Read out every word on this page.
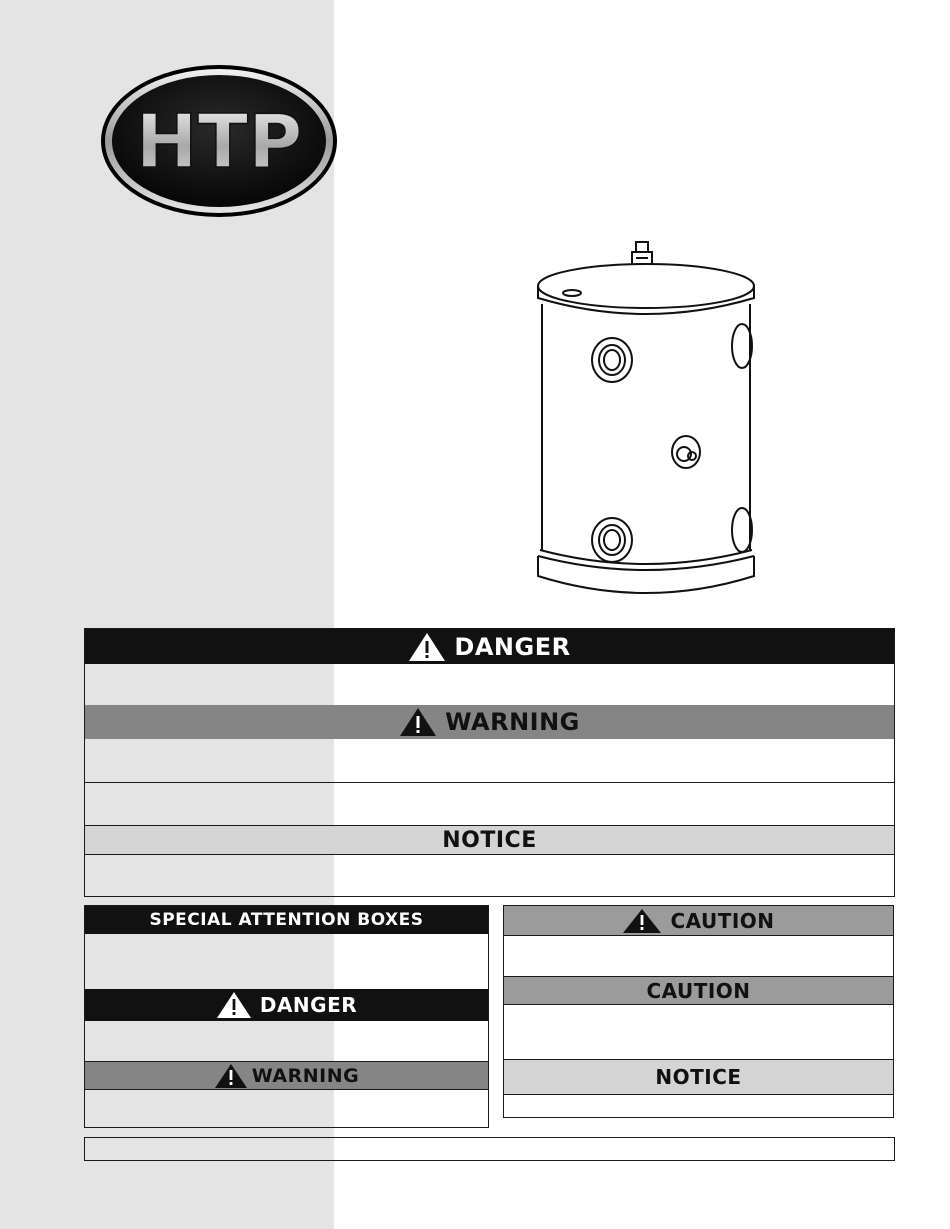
HTP
DANGER
WARNING
NOTICE
SPECIAL ATTENTION BOXES
DANGER
WARNING
CAUTION
CAUTION
NOTICE
